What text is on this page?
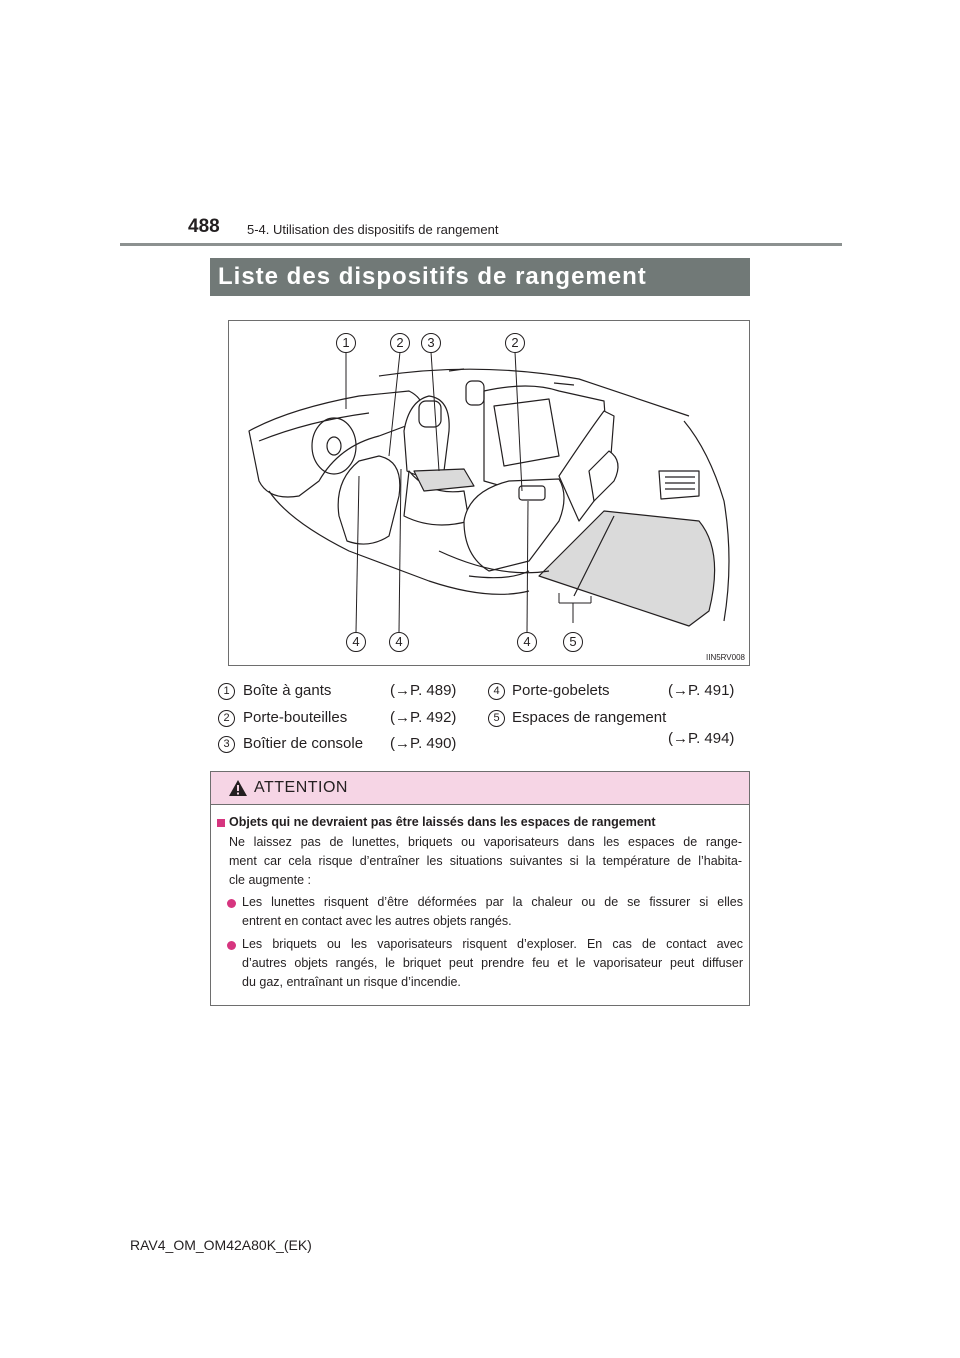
488 5-4. Utilisation des dispositifs de rangement
Liste des dispositifs de rangement
1	2	3	2
4	4	4	5
IIN5RV008
1 Boîte à gants	(→P. 489)
2 Porte-bouteilles	(→P. 492)
3 Boîtier de console (→P. 490)
4 Porte-gobelets	(→P. 491)
5 Espaces de rangement
(→P. 494)
ATTENTION
Objets qui ne devraient pas être laissés dans les espaces de rangement
Ne laissez pas de lunettes, briquets ou vaporisateurs dans les espaces de range-
ment car cela risque d’entraîner les situations suivantes si la température de l’habita-
cle augmente :
Les lunettes risquent d’être déformées par la chaleur ou de se fissurer si elles
entrent en contact avec les autres objets rangés.
Les briquets ou les vaporisateurs risquent d’exploser. En cas de contact avec
d’autres objets rangés, le briquet peut prendre feu et le vaporisateur peut diffuser
du gaz, entraînant un risque d’incendie.
RAV4_OM_OM42A80K_(EK)
